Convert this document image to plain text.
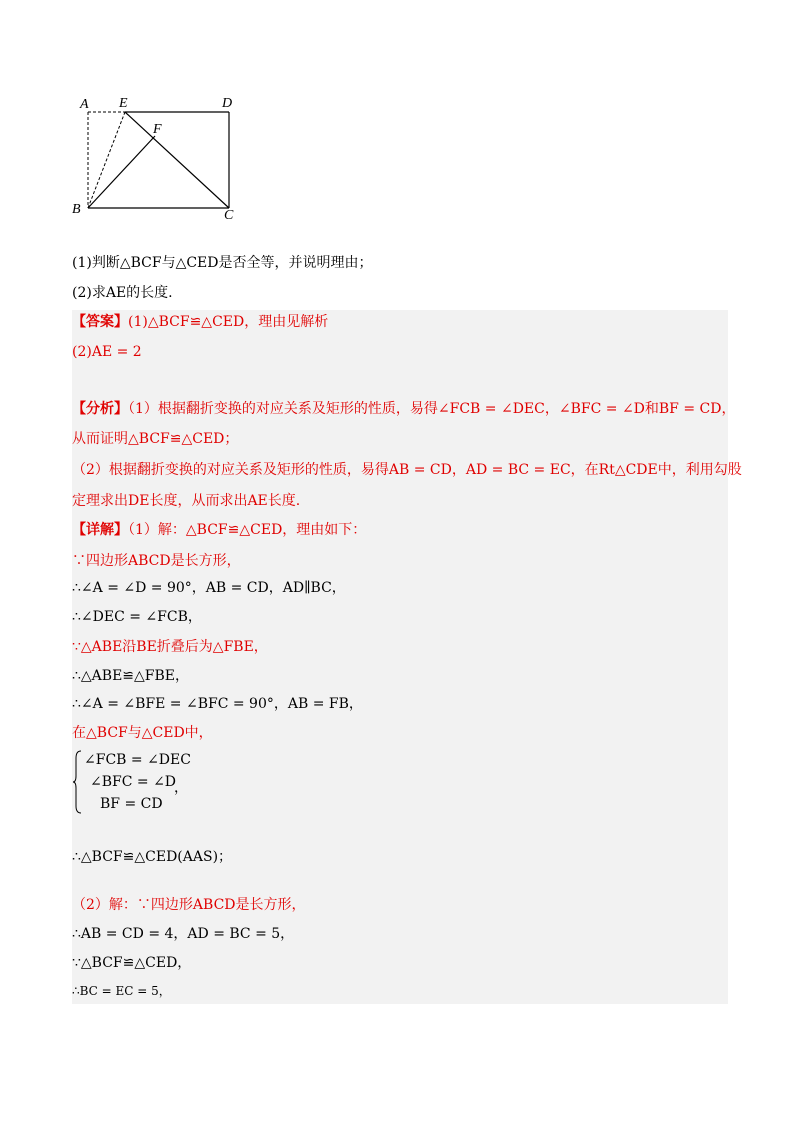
A E	D
F
B	C
(1)判断△BCF与△CED是否全等，并说明理由；
(2)求AE的长度.
【答案】(1)△BCF≌△CED，理由见解析
(2)AE = 2
【分析】（1）根据翻折变换的对应关系及矩形的性质，易得∠FCB = ∠DEC，∠BFC = ∠D和BF = CD，
从而证明△BCF≌△CED；
（2）根据翻折变换的对应关系及矩形的性质，易得AB = CD，AD = BC = EC，在Rt△CDE中，利用勾股
定理求出DE长度，从而求出AE长度.
【详解】（1）解：△BCF≌△CED，理由如下：
∵四边形ABCD是长方形，
∴∠A = ∠D = 90°，AB = CD，AD∥BC，
∴∠DEC = ∠FCB，
∵△ABE沿BE折叠后为△FBE，
∴△ABE≌△FBE，
∴∠A = ∠BFE = ∠BFC = 90°，AB = FB，
在△BCF与△CED中，
∠FCB = ∠DEC
∠BFC = ∠D
BF = CD
，
∴△BCF≌△CED(AAS)；
（2）解：∵四边形ABCD是长方形，
∴AB = CD = 4，AD = BC = 5，
∵△BCF≌△CED，
∴BC = EC = 5，
